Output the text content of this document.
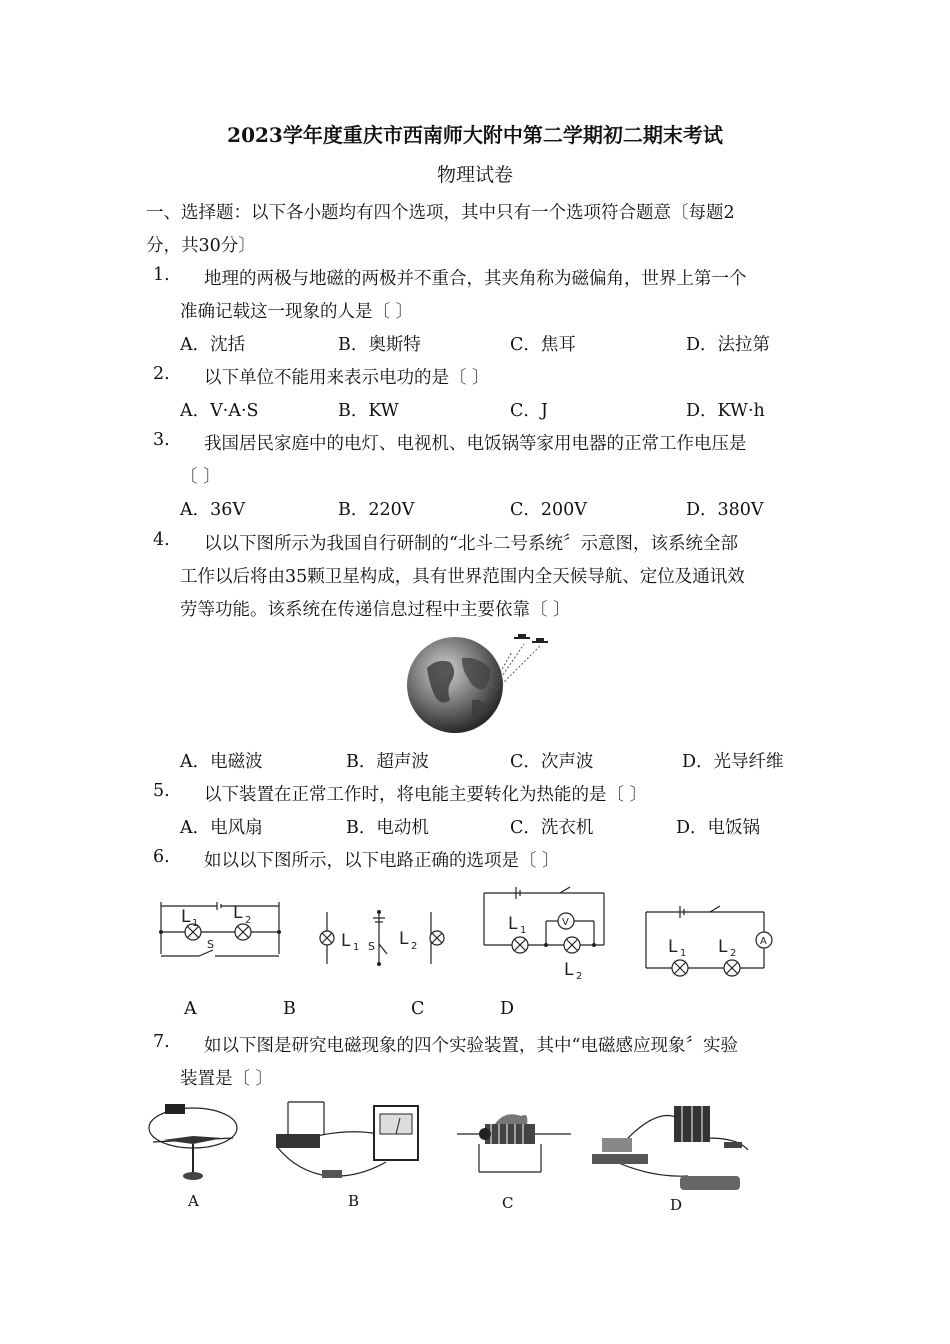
2023学年度重庆市西南师大附中第二学期初二期末考试
物理试卷
一、选择题：以下各小题均有四个选项，其中只有一个选项符合题意〔每题2
分，共30分〕
1. 地理的两极与地磁的两极并不重合，其夹角称为磁偏角，世界上第一个
准确记载这一现象的人是〔 〕
A．沈括	B．奥斯特	C．焦耳	D．法拉第
2. 以下单位不能用来表示电功的是〔 〕
A．V·A·S	B．KW	C．J	D．KW·h
3. 我国居民家庭中的电灯、电视机、电饭锅等家用电器的正常工作电压是
〔 〕
A．36V	B．220V	C．200V	D．380V
4. 以以下图所示为我国自行研制的“北斗二号系统〞示意图，该系统全部
工作以后将由35颗卫星构成，具有世界范围内全天候导航、定位及通讯效
劳等功能。该系统在传递信息过程中主要依靠〔 〕
A．电磁波	B．超声波	C．次声波	D．光导纤维
5. 以下装置在正常工作时，将电能主要转化为热能的是〔 〕
A．电风扇	B．电动机	C．洗衣机	D．电饭锅
6. 如以以下图所示，以下电路正确的选项是〔 〕
L 1
L 2
S	L 1 S L 2
V
L 1
L 2
A
L 1 L 2
A	B	C	D
7. 如以下图是研究电磁现象的四个实验装置，其中“电磁感应现象〞实验
装置是〔 〕
A	B	C	D
